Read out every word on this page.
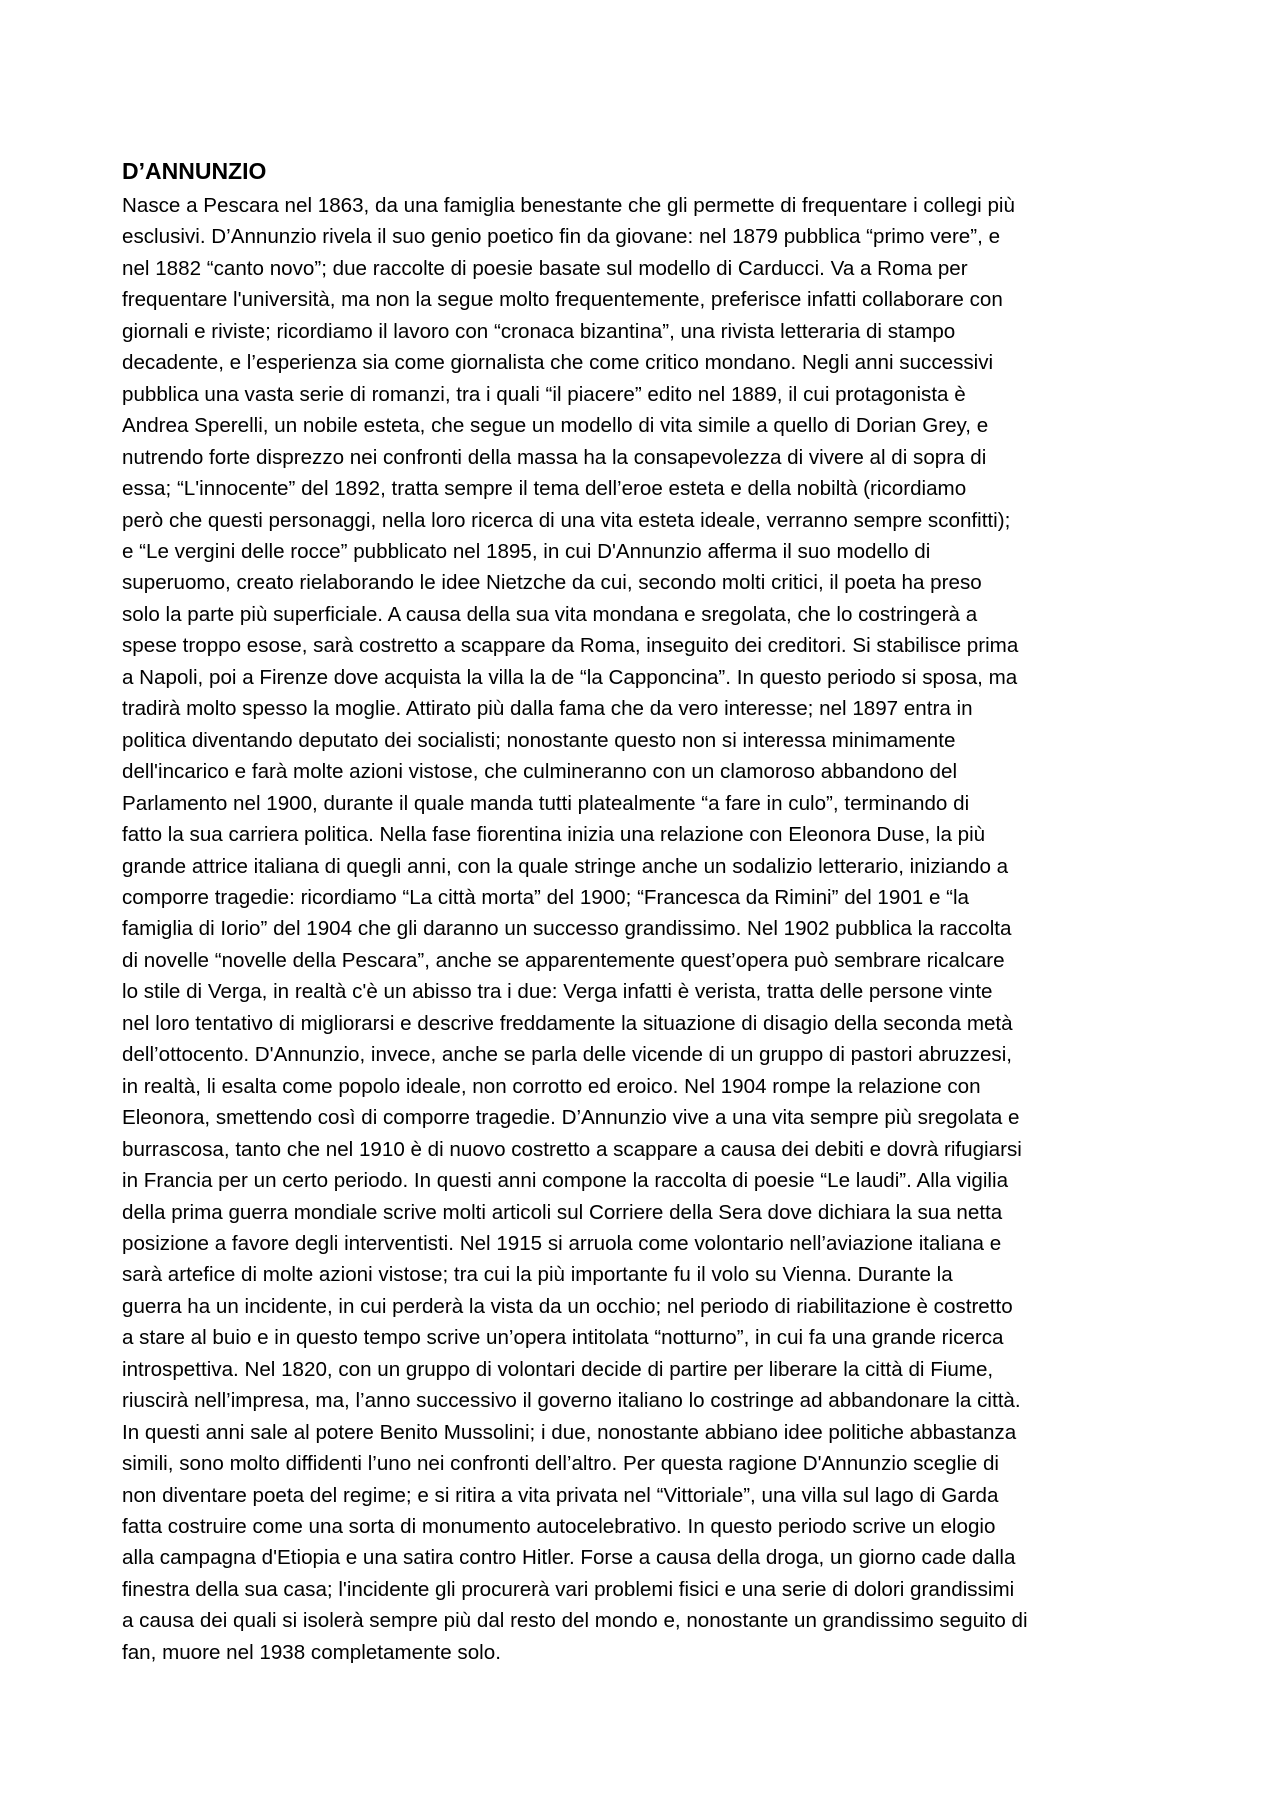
D’ANNUNZIO
Nasce a Pescara nel 1863, da una famiglia benestante che gli permette di frequentare i collegi più
esclusivi. D’Annunzio rivela il suo genio poetico fin da giovane: nel 1879 pubblica “primo vere”, e
nel 1882 “canto novo”; due raccolte di poesie basate sul modello di Carducci. Va a Roma per
frequentare l'università, ma non la segue molto frequentemente, preferisce infatti collaborare con
giornali e riviste; ricordiamo il lavoro con “cronaca bizantina”, una rivista letteraria di stampo
decadente, e l’esperienza sia come giornalista che come critico mondano. Negli anni successivi
pubblica una vasta serie di romanzi, tra i quali “il piacere” edito nel 1889, il cui protagonista è
Andrea Sperelli, un nobile esteta, che segue un modello di vita simile a quello di Dorian Grey, e
nutrendo forte disprezzo nei confronti della massa ha la consapevolezza di vivere al di sopra di
essa; “L'innocente” del 1892, tratta sempre il tema dell’eroe esteta e della nobiltà (ricordiamo
però che questi personaggi, nella loro ricerca di una vita esteta ideale, verranno sempre sconfitti);
e “Le vergini delle rocce” pubblicato nel 1895, in cui D'Annunzio afferma il suo modello di
superuomo, creato rielaborando le idee Nietzche da cui, secondo molti critici, il poeta ha preso
solo la parte più superficiale. A causa della sua vita mondana e sregolata, che lo costringerà a
spese troppo esose, sarà costretto a scappare da Roma, inseguito dei creditori. Si stabilisce prima
a Napoli, poi a Firenze dove acquista la villa la de “la Capponcina”. In questo periodo si sposa, ma
tradirà molto spesso la moglie. Attirato più dalla fama che da vero interesse; nel 1897 entra in
politica diventando deputato dei socialisti; nonostante questo non si interessa minimamente
dell'incarico e farà molte azioni vistose, che culmineranno con un clamoroso abbandono del
Parlamento nel 1900, durante il quale manda tutti platealmente “a fare in culo”, terminando di
fatto la sua carriera politica. Nella fase fiorentina inizia una relazione con Eleonora Duse, la più
grande attrice italiana di quegli anni, con la quale stringe anche un sodalizio letterario, iniziando a
comporre tragedie: ricordiamo “La città morta” del 1900; “Francesca da Rimini” del 1901 e “la
famiglia di Iorio” del 1904 che gli daranno un successo grandissimo. Nel 1902 pubblica la raccolta
di novelle “novelle della Pescara”, anche se apparentemente quest’opera può sembrare ricalcare
lo stile di Verga, in realtà c'è un abisso tra i due: Verga infatti è verista, tratta delle persone vinte
nel loro tentativo di migliorarsi e descrive freddamente la situazione di disagio della seconda metà
dell’ottocento. D'Annunzio, invece, anche se parla delle vicende di un gruppo di pastori abruzzesi,
in realtà, li esalta come popolo ideale, non corrotto ed eroico. Nel 1904 rompe la relazione con
Eleonora, smettendo così di comporre tragedie. D’Annunzio vive a una vita sempre più sregolata e
burrascosa, tanto che nel 1910 è di nuovo costretto a scappare a causa dei debiti e dovrà rifugiarsi
in Francia per un certo periodo. In questi anni compone la raccolta di poesie “Le laudi”. Alla vigilia
della prima guerra mondiale scrive molti articoli sul Corriere della Sera dove dichiara la sua netta
posizione a favore degli interventisti. Nel 1915 si arruola come volontario nell’aviazione italiana e
sarà artefice di molte azioni vistose; tra cui la più importante fu il volo su Vienna. Durante la
guerra ha un incidente, in cui perderà la vista da un occhio; nel periodo di riabilitazione è costretto
a stare al buio e in questo tempo scrive un’opera intitolata “notturno”, in cui fa una grande ricerca
introspettiva. Nel 1820, con un gruppo di volontari decide di partire per liberare la città di Fiume,
riuscirà nell’impresa, ma, l’anno successivo il governo italiano lo costringe ad abbandonare la città.
In questi anni sale al potere Benito Mussolini; i due, nonostante abbiano idee politiche abbastanza
simili, sono molto diffidenti l’uno nei confronti dell’altro. Per questa ragione D'Annunzio sceglie di
non diventare poeta del regime; e si ritira a vita privata nel “Vittoriale”, una villa sul lago di Garda
fatta costruire come una sorta di monumento autocelebrativo. In questo periodo scrive un elogio
alla campagna d'Etiopia e una satira contro Hitler. Forse a causa della droga, un giorno cade dalla
finestra della sua casa; l'incidente gli procurerà vari problemi fisici e una serie di dolori grandissimi
a causa dei quali si isolerà sempre più dal resto del mondo e, nonostante un grandissimo seguito di
fan, muore nel 1938 completamente solo.
